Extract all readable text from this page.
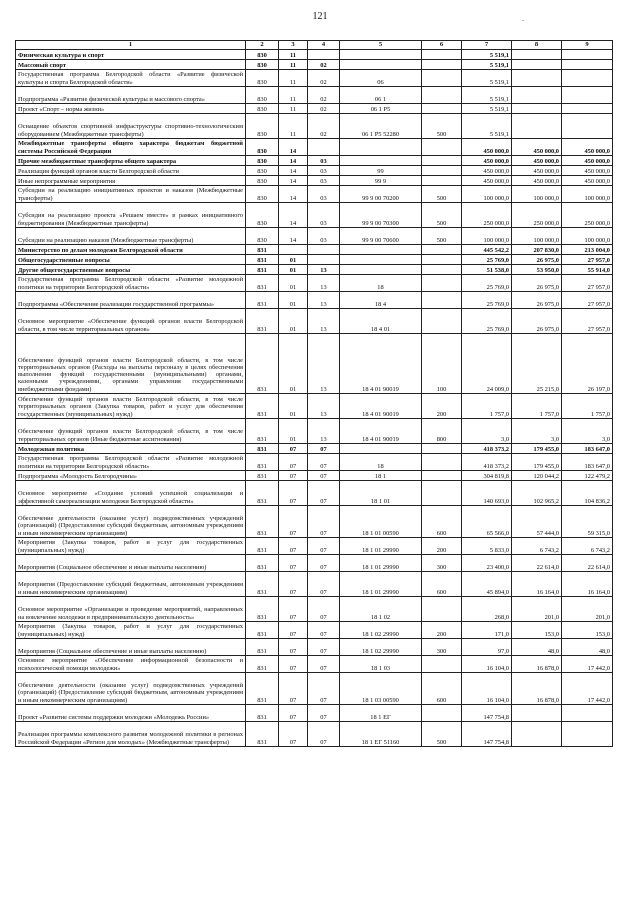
121	.
1	2	3	4	5	6	7	8	9
Физическая культура и спорт	830	11				5 519,1		
Массовый спорт	830	11	02			5 519,1		
Государственная программа Белгородской области «Развитие физической культуры и спорта Белгородской области»	830	11	02	06		5 519,1		
Подпрограмма «Развитие физической культуры и массового спорта»	830	11	02	06 1		5 519,1		
Проект «Спорт – норма жизни»	830	11	02	06 1 P5		5 519,1		
Оснащение объектов спортивной инфраструктуры спортивно-технологическим оборудованием (Межбюджетные трансферты)	830	11	02	06 1 P5 52280	500	5 519,1		
Межбюджетные трансферты общего характера бюджетам бюджетной системы Российской Федерации	830	14				450 000,0	450 000,0	450 000,0
Прочие межбюджетные трансферты общего характера	830	14	03			450 000,0	450 000,0	450 000,0
Реализация функций органов власти Белгородской области	830	14	03	99		450 000,0	450 000,0	450 000,0
Иные непрограммные мероприятия	830	14	03	99 9		450 000,0	450 000,0	450 000,0
Субсидии на реализацию инициативных проектов и наказов (Межбюджетные трансферты)	830	14	03	99 9 00 70200	500	100 000,0	100 000,0	100 000,0
Субсидия на реализацию проекта «Решаем вместе» в рамках инициативного бюджетирования (Межбюджетные трансферты)	830	14	03	99 9 00 70300	500	250 000,0	250 000,0	250 000,0
Субсидии на реализацию наказов (Межбюджетные трансферты)	830	14	03	99 9 00 70600	500	100 000,0	100 000,0	100 000,0
Министерство по делам молодежи Белгородской области	831					445 542,2	207 830,0	213 004,0
Общегосударственные вопросы	831	01				25 769,0	26 975,0	27 957,0
Другие общегосударственные вопросы	831	01	13			51 538,0	53 950,0	55 914,0
Государственная программа Белгородской области «Развитие молодежной политики на территории Белгородской области»	831	01	13	18		25 769,0	26 975,0	27 957,0
Подпрограмма «Обеспечение реализации государственной программы»	831	01	13	18 4		25 769,0	26 975,0	27 957,0
Основное мероприятие «Обеспечение функций органов власти Белгородской области, в том числе территориальных органов»	831	01	13	18 4 01		25 769,0	26 975,0	27 957,0
Обеспечение функций органов власти Белгородской области, в том числе территориальных органов (Расходы на выплаты персоналу в целях обеспечения выполнения функций государственными (муниципальными) органами, казенными учреждениями, органами управления государственными внебюджетными фондами)	831	01	13	18 4 01 90019	100	24 009,0	25 215,0	26 197,0
Обеспечение функций органов власти Белгородской области, в том числе территориальных органов (Закупка товаров, работ и услуг для обеспечения государственных (муниципальных) нужд)	831	01	13	18 4 01 90019	200	1 757,0	1 757,0	1 757,0
Обеспечение функций органов власти Белгородской области, в том числе территориальных органов (Иные бюджетные ассигнования)	831	01	13	18 4 01 90019	800	3,0	3,0	3,0
Молодежная политика	831	07	07			418 373,2	179 455,0	183 647,0
Государственная программа Белгородской области «Развитие молодежной политики на территории Белгородской области»	831	07	07	18		418 373,2	179 455,0	183 647,0
Подпрограмма «Молодость Белгородчины»	831	07	07	18 1		304 819,8	120 044,2	122 479,2
Основное мероприятие «Создание условий успешной социализации и эффективной самореализации молодежи Белгородской области»	831	07	07	18 1 01		140 693,0	102 965,2	104 836,2
Обеспечение деятельности (оказание услуг) подведомственных учреждений (организаций) (Предоставление субсидий бюджетным, автономным учреждениям и иным некоммерческим организациям)	831	07	07	18 1 01 00590	600	65 566,0	57 444,0	59 315,0
Мероприятия (Закупка товаров, работ и услуг для государственных (муниципальных) нужд)	831	07	07	18 1 01 29990	200	5 833,0	6 743,2	6 743,2
Мероприятия (Социальное обеспечение и иные выплаты населению)	831	07	07	18 1 01 29990	300	23 400,0	22 614,0	22 614,0
Мероприятия (Предоставление субсидий бюджетным, автономным учреждениям и иным некоммерческим организациям)	831	07	07	18 1 01 29990	600	45 894,0	16 164,0	16 164,0
Основное мероприятие «Организация и проведение мероприятий, направленных на вовлечение молодежи в предпринимательскую деятельность»	831	07	07	18 1 02		268,0	201,0	201,0
Мероприятия (Закупка товаров, работ и услуг для государственных (муниципальных) нужд)	831	07	07	18 1 02 29990	200	171,0	153,0	153,0
Мероприятия (Социальное обеспечение и иные выплаты населению)	831	07	07	18 1 02 29990	300	97,0	48,0	48,0
Основное мероприятие «Обеспечение информационной безопасности и психологической помощи молодежи»	831	07	07	18 1 03		16 104,0	16 878,0	17 442,0
Обеспечение деятельности (оказание услуг) подведомственных учреждений (организаций) (Предоставление субсидий бюджетным, автономным учреждениям и иным некоммерческим организациям)	831	07	07	18 1 03 00590	600	16 104,0	16 878,0	17 442,0
Проект «Развитие системы поддержки молодежи «Молодежь России»	831	07	07	18 1 EГ		147 754,8		
Реализация программы комплексного развития молодежной политики в регионах Российской Федерации «Регион для молодых» (Межбюджетные трансферты)	831	07	07	18 1 EГ 51160	500	147 754,8		
